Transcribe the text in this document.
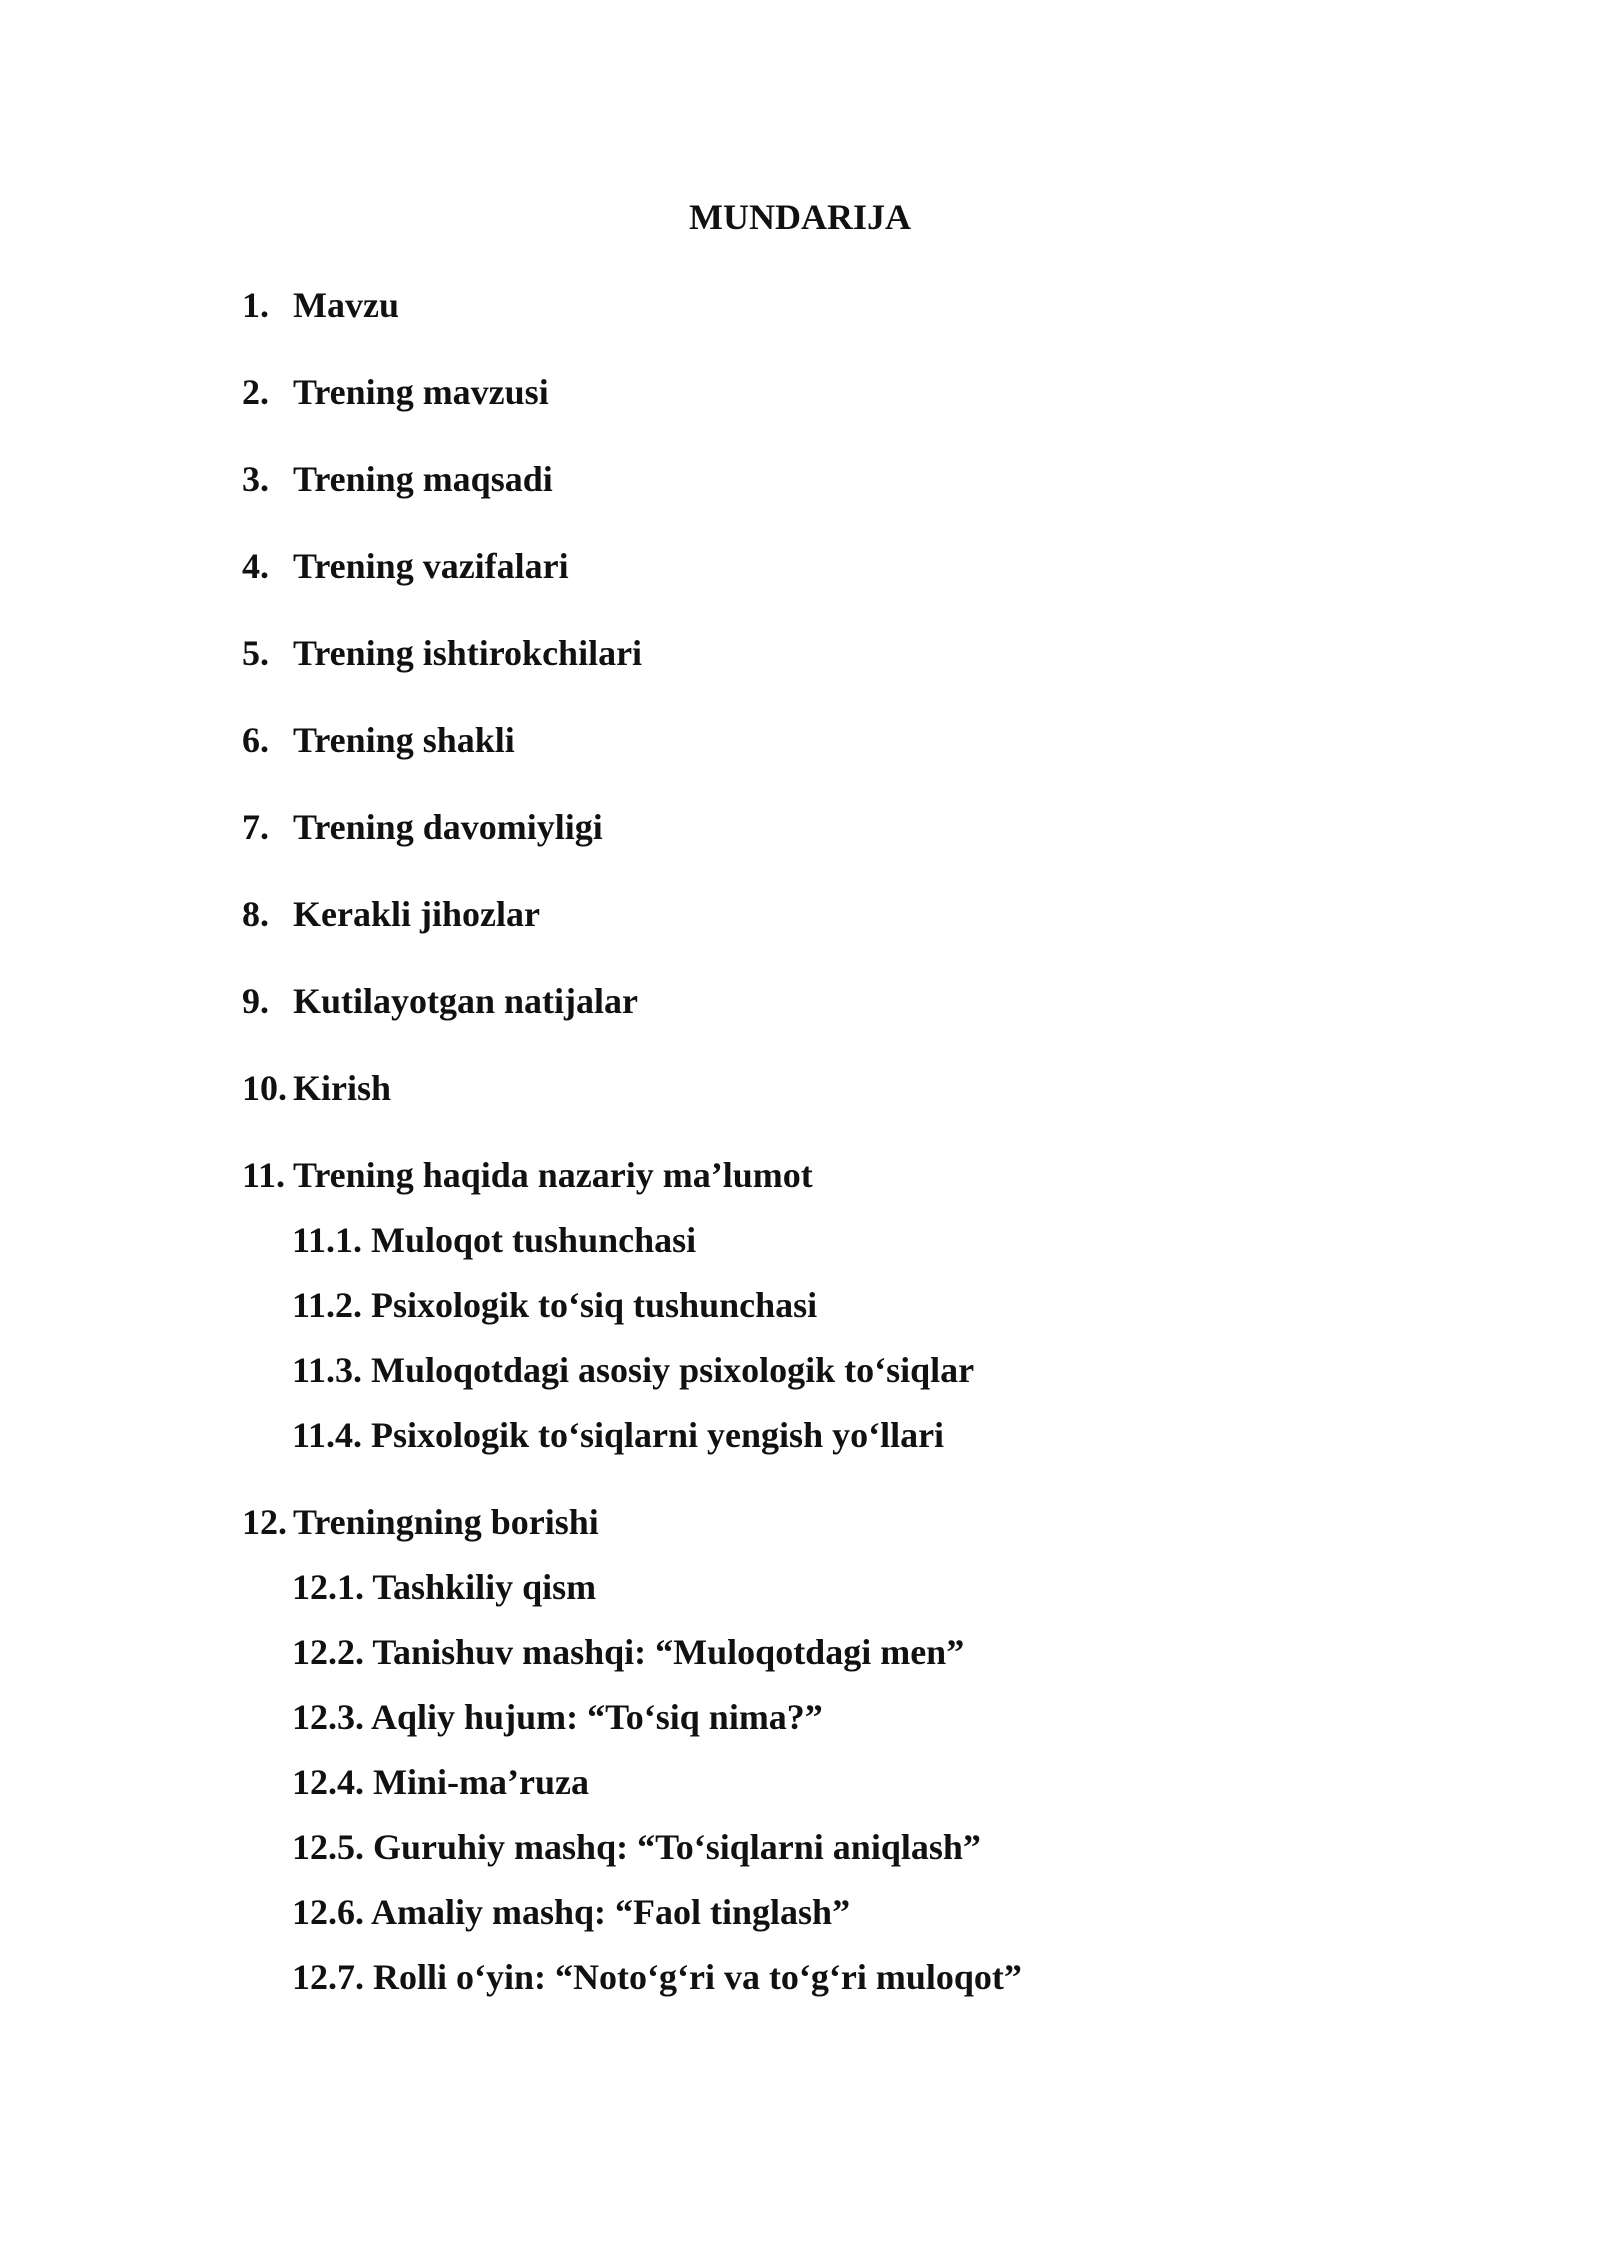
MUNDARIJA
1. Mavzu
2. Trening mavzusi
3. Trening maqsadi
4. Trening vazifalari
5. Trening ishtirokchilari
6. Trening shakli
7. Trening davomiyligi
8. Kerakli jihozlar
9. Kutilayotgan natijalar
10. Kirish
11. Trening haqida nazariy ma’lumot
11.1. Muloqot tushunchasi
11.2. Psixologik to‘siq tushunchasi
11.3. Muloqotdagi asosiy psixologik to‘siqlar
11.4. Psixologik to‘siqlarni yengish yo‘llari
12. Treningning borishi
12.1. Tashkiliy qism
12.2. Tanishuv mashqi: “Muloqotdagi men”
12.3. Aqliy hujum: “To‘siq nima?”
12.4. Mini-ma’ruza
12.5. Guruhiy mashq: “To‘siqlarni aniqlash”
12.6. Amaliy mashq: “Faol tinglash”
12.7. Rolli o‘yin: “Noto‘g‘ri va to‘g‘ri muloqot”
